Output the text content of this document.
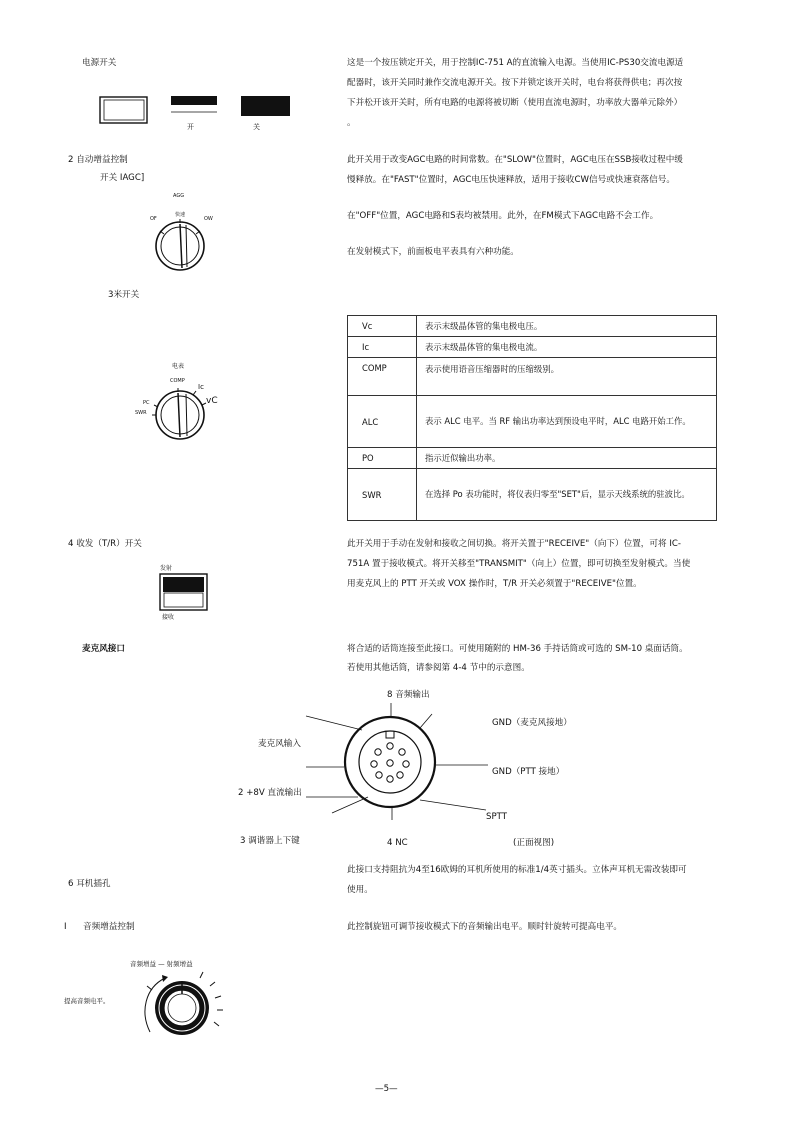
电源开关
开	关
这是一个按压锁定开关，用于控制IC-751 A的直流输入电源。当使用IC-PS30交流电源适
配器时，该开关同时兼作交流电源开关。按下并锁定该开关时，电台将获得供电；再次按
下并松开该开关时，所有电路的电源将被切断（使用直流电源时，功率放大器单元除外）
。
2 自动增益控制
开关 IAGC]
AGG
OF
快速
OW
此开关用于改变AGC电路的时间常数。在"SLOW"位置时，AGC电压在SSB接收过程中缓
慢释放。在"FAST"位置时，AGC电压快速释放，适用于接收CW信号或快速衰落信号。
在"OFF"位置，AGC电路和S表均被禁用。此外，在FM模式下AGC电路不会工作。
在发射模式下，前面板电平表具有六种功能。
3米开关
电表
COMP
Ic
vC
PC
SWR
Vc	表示末级晶体管的集电极电压。
Ic	表示末级晶体管的集电极电流。
COMP	表示使用语音压缩器时的压缩级别。
ALC	表示 ALC 电平。当 RF 输出功率达到预设电平时，ALC 电路开始工作。
PO	指示近似输出功率。
SWR	在选择 Po 表功能时，将仪表归零至"SET"后，显示天线系统的驻波比。
4 收发（T/R）开关
发射
接收
此开关用于手动在发射和接收之间切换。将开关置于"RECEIVE"（向下）位置，可将 IC-
751A 置于接收模式。将开关移至"TRANSMIT"（向上）位置，即可切换至发射模式。当使
用麦克风上的 PTT 开关或 VOX 操作时，T/R 开关必须置于"RECEIVE"位置。
麦克风接口	将合适的话筒连接至此接口。可使用随附的 HM-36 手持话筒或可选的 SM-10 桌面话筒。
若使用其他话筒，请参阅第 4-4 节中的示意图。
8 音频输出
GND（麦克风接地）
麦克风输入
GND（PTT 接地）
2 +8V 直流输出
SPTT
3 调谐器上下键	4 NC	(正面视图)
6 耳机插孔
此接口支持阻抗为4至16欧姆的耳机所使用的标准1/4英寸插头。立体声耳机无需改装即可
使用。
I 音频增益控制	此控制旋钮可调节接收模式下的音频输出电平。顺时针旋转可提高电平。
音频增益 — 射频增益
提高音频电平。
—5—
